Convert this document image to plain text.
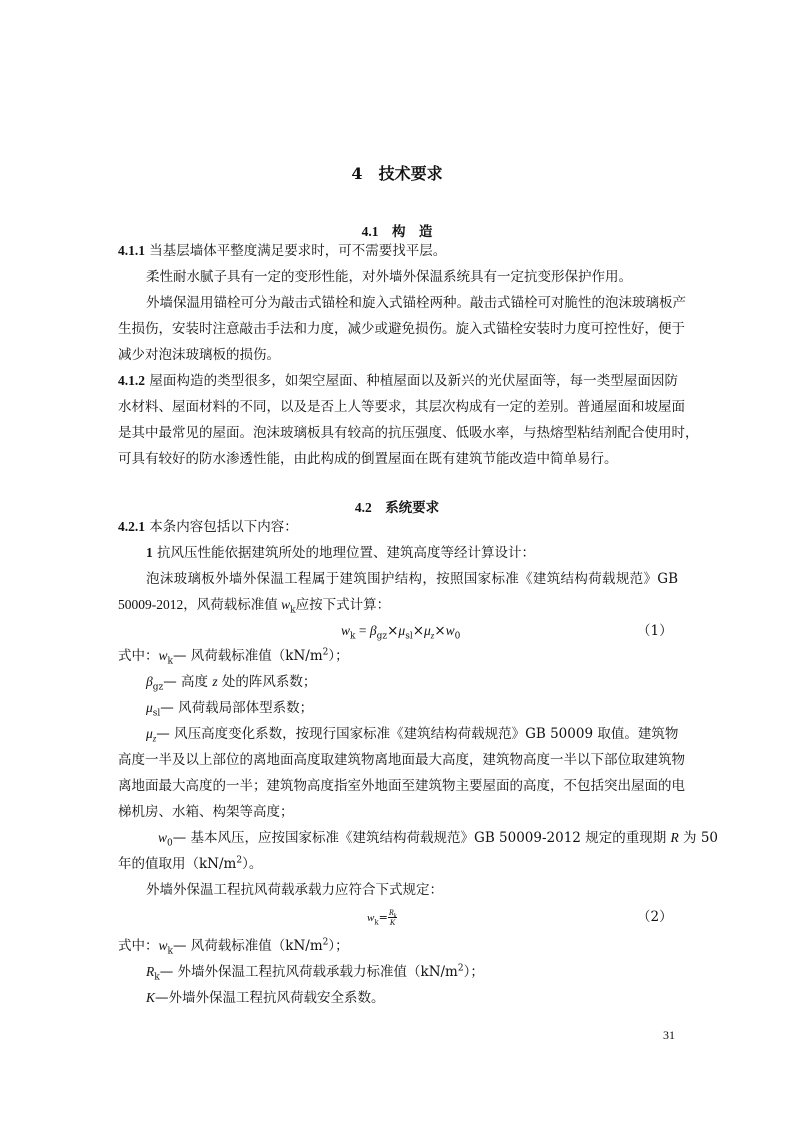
4　 技术要求
4.1　 构　造
4.1.1 当基层墙体平整度满足要求时，可不需要找平层。
柔性耐水腻子具有一定的变形性能，对外墙外保温系统具有一定抗变形保护作用。
外墙保温用锚栓可分为敲击式锚栓和旋入式锚栓两种。敲击式锚栓可对脆性的泡沫玻璃板产
生损伤，安装时注意敲击手法和力度，减少或避免损伤。旋入式锚栓安装时力度可控性好，便于
减少对泡沫玻璃板的损伤。
4.1.2 屋面构造的类型很多，如架空屋面、种植屋面以及新兴的光伏屋面等，每一类型屋面因防
水材料、屋面材料的不同，以及是否上人等要求，其层次构成有一定的差别。普通屋面和坡屋面
是其中最常见的屋面。泡沫玻璃板具有较高的抗压强度、低吸水率，与热熔型粘结剂配合使用时，
可具有较好的防水渗透性能，由此构成的倒置屋面在既有建筑节能改造中简单易行。
4.2　 系统要求
4.2.1 本条内容包括以下内容：
1 抗风压性能依据建筑所处的地理位置、建筑高度等经计算设计：
泡沫玻璃板外墙外保温工程属于建筑围护结构，按照国家标准《建筑结构荷载规范》GB
50009-2012，风荷载标准值 $w_k$应按下式计算：
$w_k = \beta_{gz}\times\mu_{sl}\times\mu_z\times w_0$	（1）
式中：$w_k—$ 风荷载标准值$(kN/m^2)$；
$\beta_{gz}—$ 高度 z 处的阵风系数；
$\mu_{sl}—$ 风荷载局部体型系数；
$\mu_z—$ 风压高度变化系数，按现行国家标准《建筑结构荷载规范》GB 50009 取值。建筑物
高度一半及以上部位的离地面高度取建筑物离地面最大高度，建筑物高度一半以下部位取建筑物
离地面最大高度的一半；建筑物高度指室外地面至建筑物主要屋面的高度，不包括突出屋面的电
梯机房、水箱、构架等高度；
$w_0—$ 基本风压，应按国家标准《建筑结构荷载规范》GB 50009-2012 规定的重现期 R 为 50
年的值取用$(kN/m^2)$。
外墙外保温工程抗风荷载承载力应符合下式规定：
$w_k= \frac{R_k}{K}$	（2）
式中：$w_k—$ 风荷载标准值$(kN/m^2)$；
$R_k—$ 外墙外保温工程抗风荷载承载力标准值$(kN/m^2)$；
K—外墙外保温工程抗风荷载安全系数。
31
